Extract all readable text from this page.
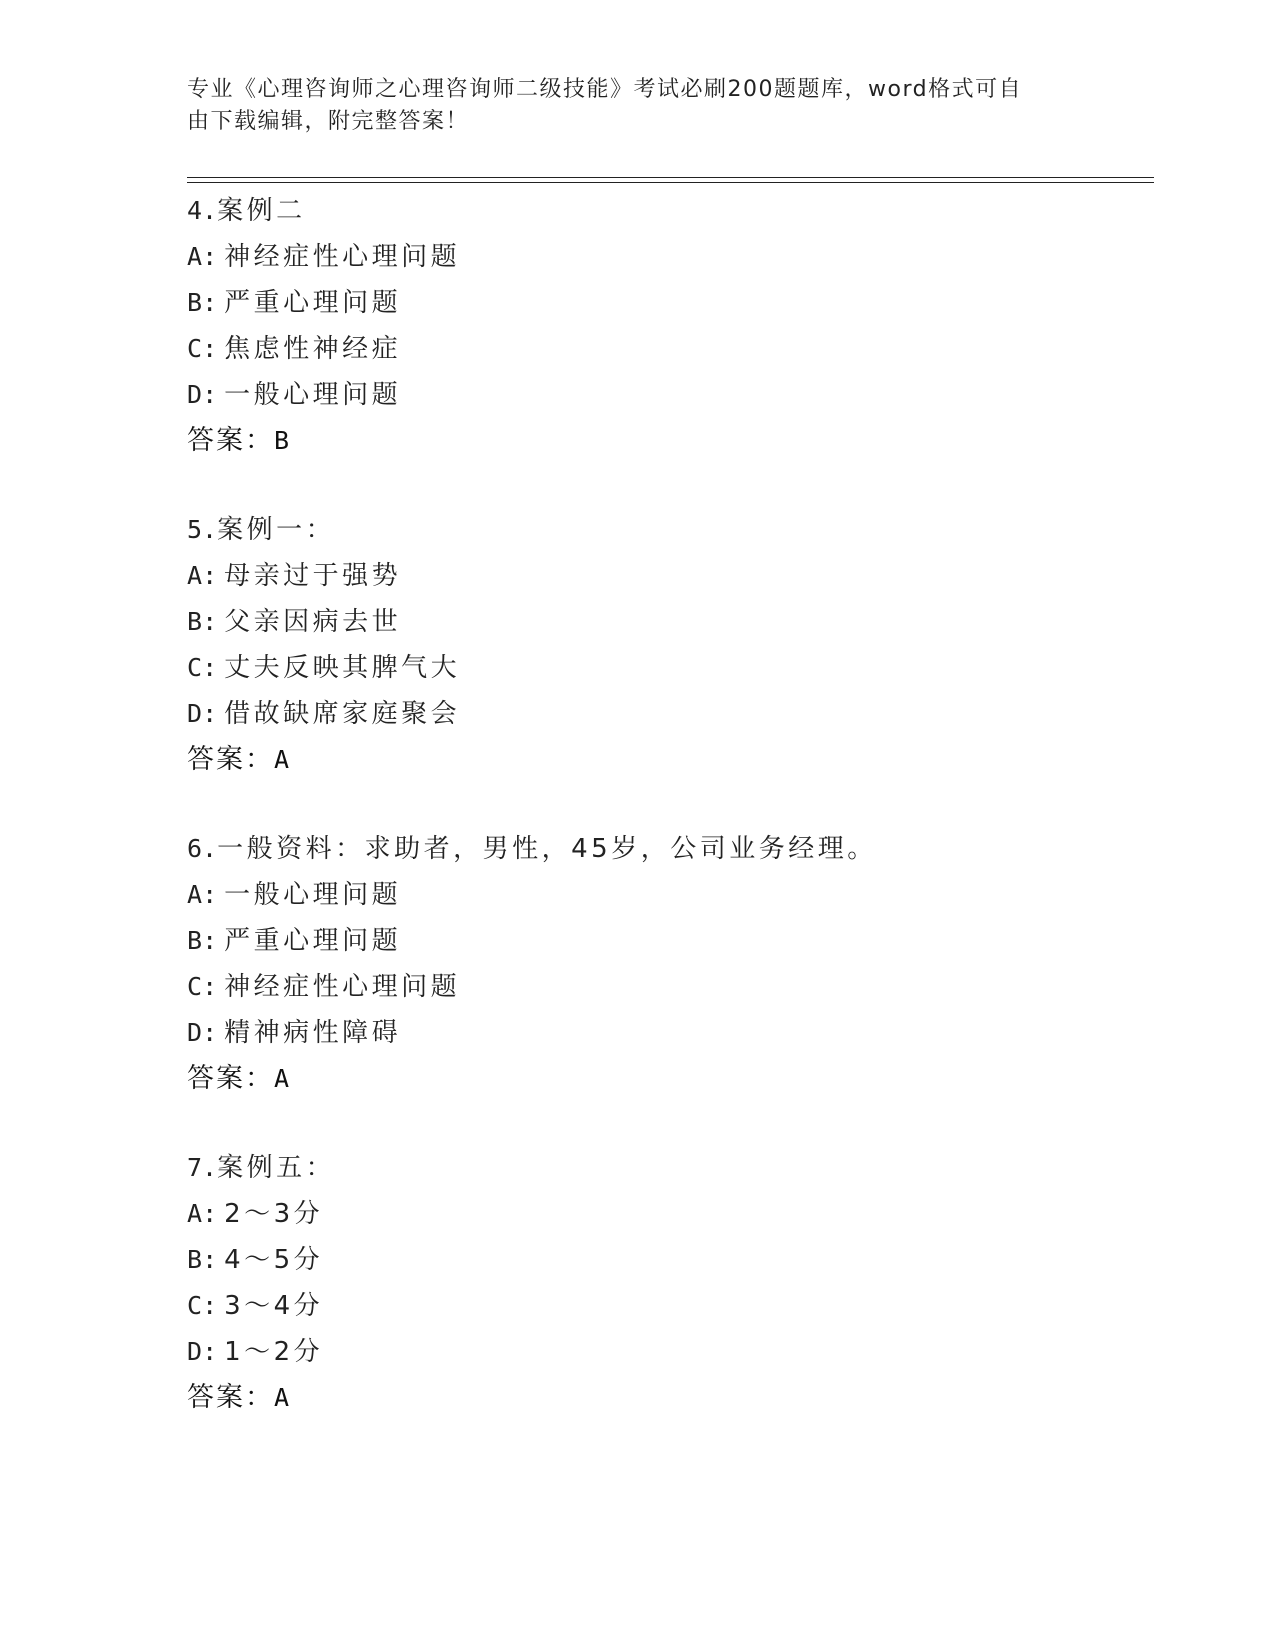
专业《心理咨询师之心理咨询师二级技能》考试必刷200题题库，word格式可自
由下载编辑，附完整答案！
4.案例二
A: 神经症性心理问题
B: 严重心理问题
C: 焦虑性神经症
D: 一般心理问题
答案：B
5.案例一：
A: 母亲过于强势
B: 父亲因病去世
C: 丈夫反映其脾气大
D: 借故缺席家庭聚会
答案：A
6.一般资料：求助者，男性，45岁，公司业务经理。
A: 一般心理问题
B: 严重心理问题
C: 神经症性心理问题
D: 精神病性障碍
答案：A
7.案例五：
A: 2～3分
B: 4～5分
C: 3～4分
D: 1～2分
答案：A
